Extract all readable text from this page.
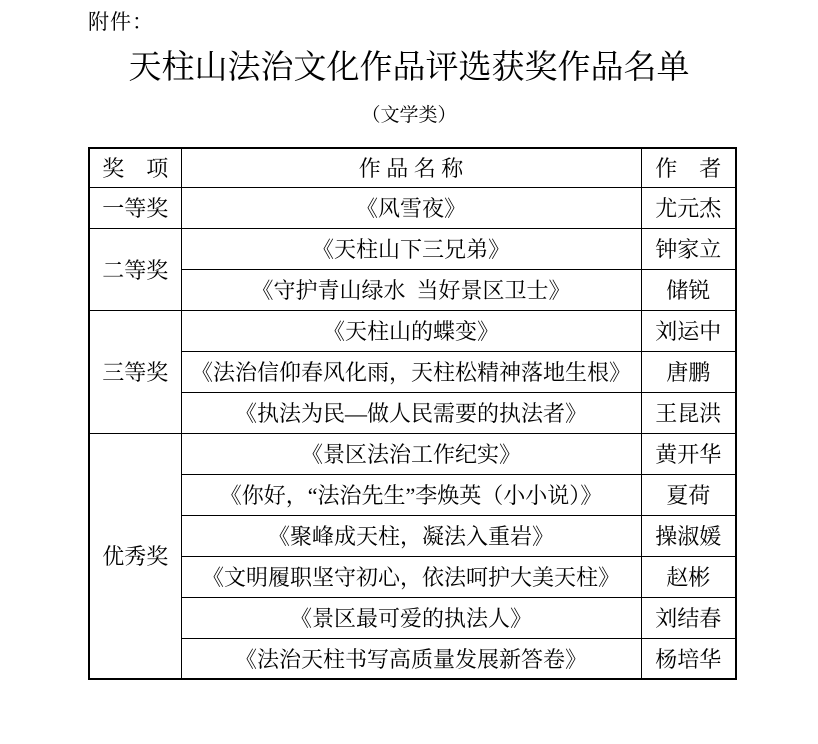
附件：
天柱山法治文化作品评选获奖作品名单
（文学类）
奖　项	作 品 名 称	作　者
一等奖	《风雪夜》	尤元杰
二等奖	《天柱山下三兄弟》	钟家立
	《守护青山绿水  当好景区卫士》	储锐
三等奖	《天柱山的蝶变》	刘运中
	《法治信仰春风化雨，天柱松精神落地生根》	唐鹏
	《执法为民—做人民需要的执法者》	王昆洪
优秀奖	《景区法治工作纪实》	黄开华
	《你好，“法治先生”李焕英（小小说）》	夏荷
	《聚峰成天柱，凝法入重岩》	操淑媛
	《文明履职坚守初心，依法呵护大美天柱》	赵彬
	《景区最可爱的执法人》	刘结春
	《法治天柱书写高质量发展新答卷》	杨培华
